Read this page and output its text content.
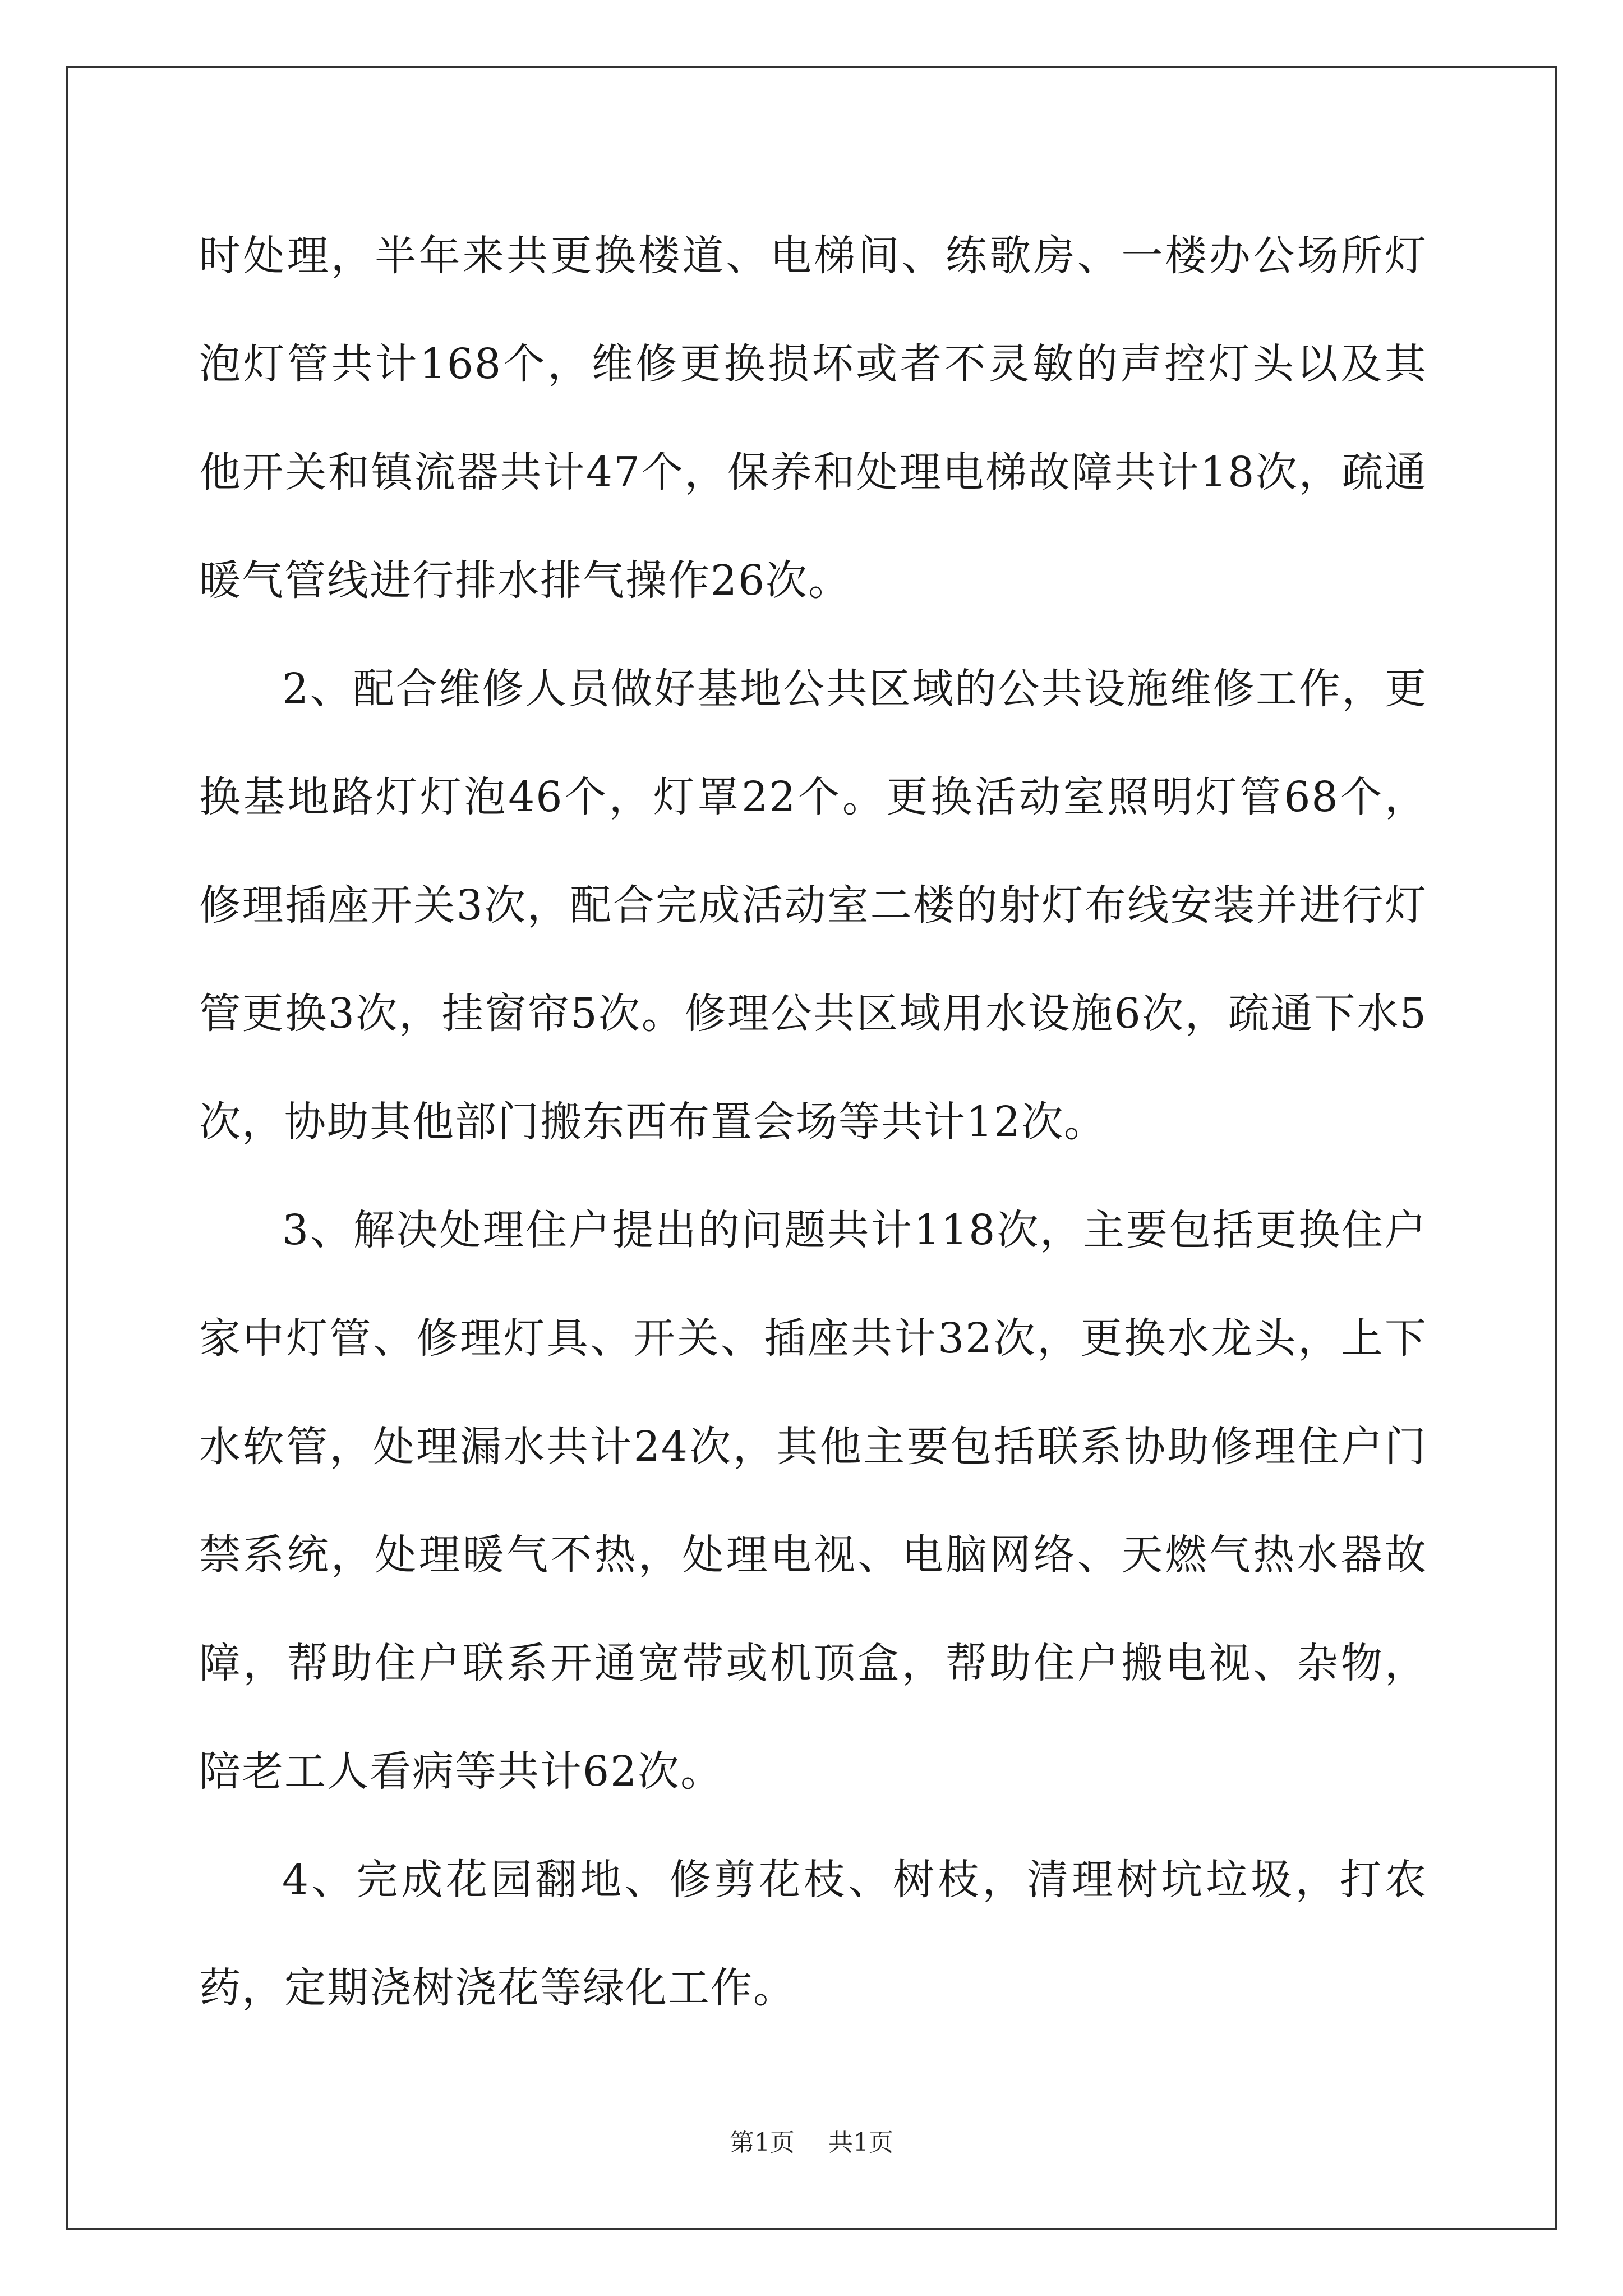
时处理，半年来共更换楼道、电梯间、练歌房、一楼办公场所灯泡灯管共计168个，维修更换损坏或者不灵敏的声控灯头以及其他开关和镇流器共计47个，保养和处理电梯故障共计18次，疏通暖气管线进行排水排气操作26次。

2、配合维修人员做好基地公共区域的公共设施维修工作，更换基地路灯灯泡46个，灯罩22个。更换活动室照明灯管68个，修理插座开关3次，配合完成活动室二楼的射灯布线安装并进行灯管更换3次，挂窗帘5次。修理公共区域用水设施6次，疏通下水5次，协助其他部门搬东西布置会场等共计12次。

3、解决处理住户提出的问题共计118次，主要包括更换住户家中灯管、修理灯具、开关、插座共计32次，更换水龙头，上下水软管，处理漏水共计24次，其他主要包括联系协助修理住户门禁系统，处理暖气不热，处理电视、电脑网络、天燃气热水器故障，帮助住户联系开通宽带或机顶盒，帮助住户搬电视、杂物，陪老工人看病等共计62次。

4、完成花园翻地、修剪花枝、树枝，清理树坑垃圾，打农药，定期浇树浇花等绿化工作。

第1页 共1页
